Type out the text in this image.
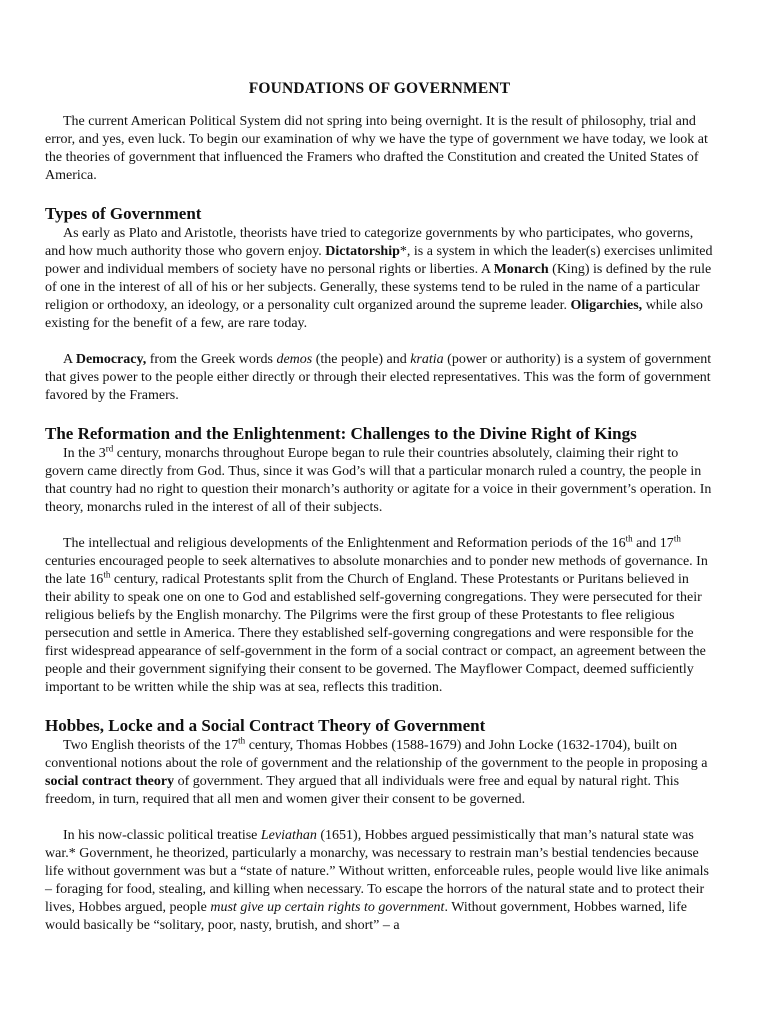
FOUNDATIONS OF GOVERNMENT

The current American Political System did not spring into being overnight. It is the result of philosophy, trial and error, and yes, even luck. To begin our examination of why we have the type of government we have today, we look at the theories of government that influenced the Framers who drafted the Constitution and created the United States of America.

Types of Government

As early as Plato and Aristotle, theorists have tried to categorize governments by who participates, who governs, and how much authority those who govern enjoy. Dictatorship*, is a system in which the leader(s) exercises unlimited power and individual members of society have no personal rights or liberties. A Monarch (King) is defined by the rule of one in the interest of all of his or her subjects. Generally, these systems tend to be ruled in the name of a particular religion or orthodoxy, an ideology, or a personality cult organized around the supreme leader. Oligarchies, while also existing for the benefit of a few, are rare today.

A Democracy, from the Greek words demos (the people) and kratia (power or authority) is a system of government that gives power to the people either directly or through their elected representatives. This was the form of government favored by the Framers.

The Reformation and the Enlightenment: Challenges to the Divine Right of Kings

In the 3rd century, monarchs throughout Europe began to rule their countries absolutely, claiming their right to govern came directly from God. Thus, since it was God’s will that a particular monarch ruled a country, the people in that country had no right to question their monarch’s authority or agitate for a voice in their government’s operation. In theory, monarchs ruled in the interest of all of their subjects.

The intellectual and religious developments of the Enlightenment and Reformation periods of the 16th and 17th centuries encouraged people to seek alternatives to absolute monarchies and to ponder new methods of governance. In the late 16th century, radical Protestants split from the Church of England. These Protestants or Puritans believed in their ability to speak one on one to God and established self-governing congregations. They were persecuted for their religious beliefs by the English monarchy. The Pilgrims were the first group of these Protestants to flee religious persecution and settle in America. There they established self-governing congregations and were responsible for the first widespread appearance of self-government in the form of a social contract or compact, an agreement between the people and their government signifying their consent to be governed. The Mayflower Compact, deemed sufficiently important to be written while the ship was at sea, reflects this tradition.

Hobbes, Locke and a Social Contract Theory of Government

Two English theorists of the 17th century, Thomas Hobbes (1588-1679) and John Locke (1632-1704), built on conventional notions about the role of government and the relationship of the government to the people in proposing a social contract theory of government. They argued that all individuals were free and equal by natural right. This freedom, in turn, required that all men and women giver their consent to be governed.

In his now-classic political treatise Leviathan (1651), Hobbes argued pessimistically that man’s natural state was war.* Government, he theorized, particularly a monarchy, was necessary to restrain man’s bestial tendencies because life without government was but a “state of nature.” Without written, enforceable rules, people would live like animals – foraging for food, stealing, and killing when necessary. To escape the horrors of the natural state and to protect their lives, Hobbes argued, people must give up certain rights to government. Without government, Hobbes warned, life would basically be “solitary, poor, nasty, brutish, and short” – a
